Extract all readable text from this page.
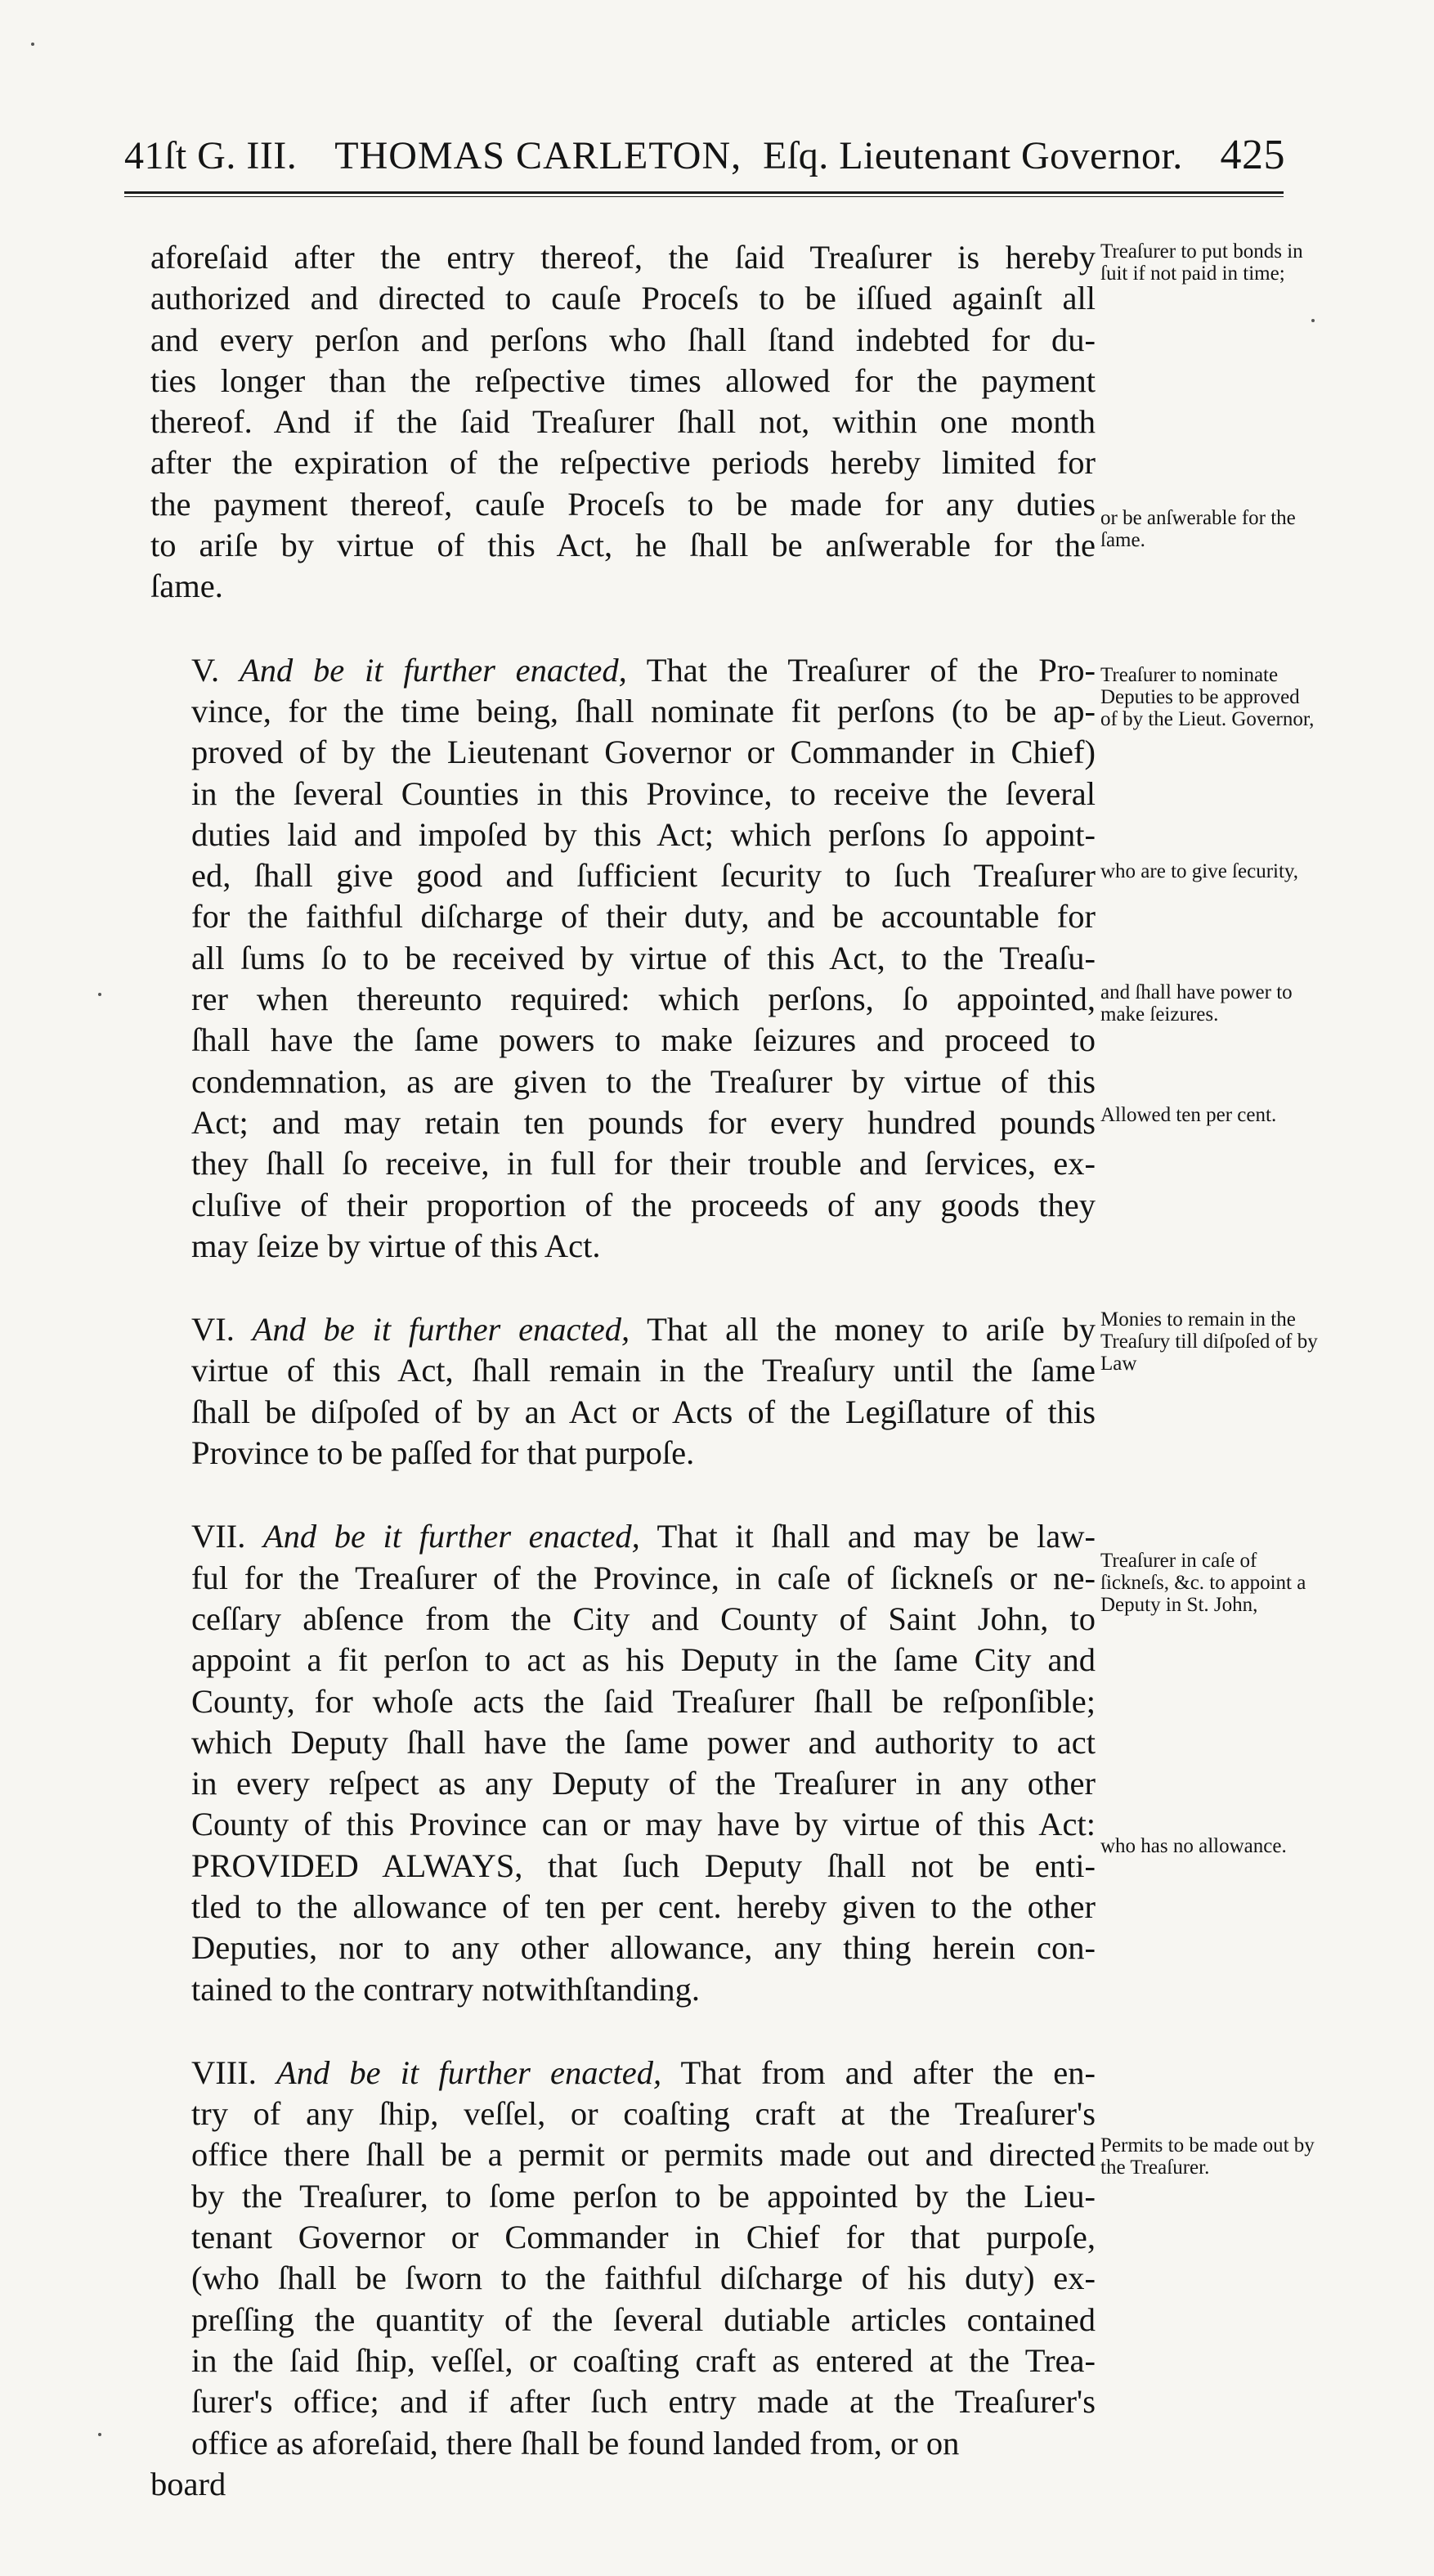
41ſt G. III. THOMAS CARLETON, Eſq. Lieutenant Governor. 425
aforeſaid after the entry thereof, the ſaid Treaſurer is hereby
authorized and directed to cauſe Proceſs to be iſſued againſt all
and every perſon and perſons who ſhall ſtand indebted for du-
ties longer than the reſpective times allowed for the payment
thereof. And if the ſaid Treaſurer ſhall not, within one month
after the expiration of the reſpective periods hereby limited for
the payment thereof, cauſe Proceſs to be made for any duties
to ariſe by virtue of this Act, he ſhall be anſwerable for the
ſame.
V. And be it further enacted, That the Treaſurer of the Pro-
vince, for the time being, ſhall nominate fit perſons (to be ap-
proved of by the Lieutenant Governor or Commander in Chief)
in the ſeveral Counties in this Province, to receive the ſeveral
duties laid and impoſed by this Act; which perſons ſo appoint-
ed, ſhall give good and ſufficient ſecurity to ſuch Treaſurer
for the faithful diſcharge of their duty, and be accountable for
all ſums ſo to be received by virtue of this Act, to the Treaſu-
rer when thereunto required: which perſons, ſo appointed,
ſhall have the ſame powers to make ſeizures and proceed to
condemnation, as are given to the Treaſurer by virtue of this
Act; and may retain ten pounds for every hundred pounds
they ſhall ſo receive, in full for their trouble and ſervices, ex-
cluſive of their proportion of the proceeds of any goods they
may ſeize by virtue of this Act.
VI. And be it further enacted, That all the money to ariſe by
virtue of this Act, ſhall remain in the Treaſury until the ſame
ſhall be diſpoſed of by an Act or Acts of the Legiſlature of this
Province to be paſſed for that purpoſe.
VII. And be it further enacted, That it ſhall and may be law-
ful for the Treaſurer of the Province, in caſe of ſickneſs or ne-
ceſſary abſence from the City and County of Saint John, to
appoint a fit perſon to act as his Deputy in the ſame City and
County, for whoſe acts the ſaid Treaſurer ſhall be reſponſible;
which Deputy ſhall have the ſame power and authority to act
in every reſpect as any Deputy of the Treaſurer in any other
County of this Province can or may have by virtue of this Act:
PROVIDED ALWAYS, that ſuch Deputy ſhall not be enti-
tled to the allowance of ten per cent. hereby given to the other
Deputies, nor to any other allowance, any thing herein con-
tained to the contrary notwithſtanding.
VIII. And be it further enacted, That from and after the en-
try of any ſhip, veſſel, or coaſting craft at the Treaſurer's
office there ſhall be a permit or permits made out and directed
by the Treaſurer, to ſome perſon to be appointed by the Lieu-
tenant Governor or Commander in Chief for that purpoſe,
(who ſhall be ſworn to the faithful diſcharge of his duty) ex-
preſſing the quantity of the ſeveral dutiable articles contained
in the ſaid ſhip, veſſel, or coaſting craft as entered at the Trea-
ſurer's office; and if after ſuch entry made at the Treaſurer's
office as aforeſaid, there ſhall be found landed from, or on
board
Treaſurer to put bonds in ſuit if not paid in time;
or be anſwerable for the ſame.
Treaſurer to nominate Deputies to be approved of by the Lieut. Governor,
who are to give ſecurity,
and ſhall have power to make ſeizures.
Allowed ten per cent.
Monies to remain in the Treaſury till diſpoſed of by Law
Treaſurer in caſe of ſickneſs, &c. to appoint a Deputy in St. John,
who has no allowance.
Permits to be made out by the Treaſurer.
